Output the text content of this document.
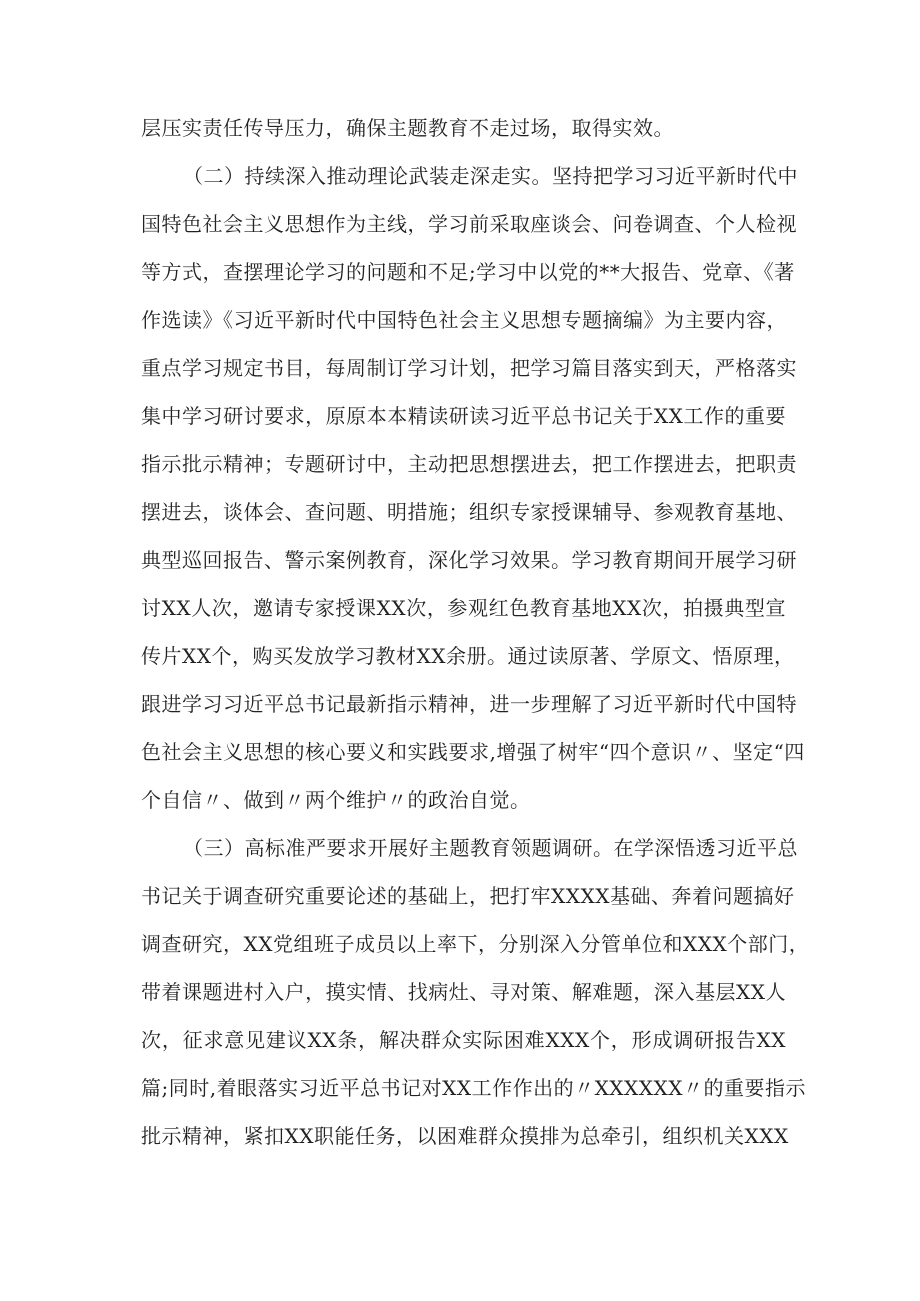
层压实责任传导压力，确保主题教育不走过场，取得实效。
（二）持续深入推动理论武装走深走实。坚持把学习习近平新时代中
国特色社会主义思想作为主线，学习前采取座谈会、问卷调查、个人检视
等方式，查摆理论学习的问题和不足;学习中以党的**大报告、党章、《著
作选读》《习近平新时代中国特色社会主义思想专题摘编》为主要内容，
重点学习规定书目，每周制订学习计划，把学习篇目落实到天，严格落实
集中学习研讨要求，原原本本精读研读习近平总书记关于XX工作的重要
指示批示精神；专题研讨中，主动把思想摆进去，把工作摆进去，把职责
摆进去，谈体会、查问题、明措施；组织专家授课辅导、参观教育基地、
典型巡回报告、警示案例教育，深化学习效果。学习教育期间开展学习研
讨XX人次，邀请专家授课XX次，参观红色教育基地XX次，拍摄典型宣
传片XX个，购买发放学习教材XX余册。通过读原著、学原文、悟原理，
跟进学习习近平总书记最新指示精神，进一步理解了习近平新时代中国特
色社会主义思想的核心要义和实践要求,增强了树牢“四个意识〃、坚定“四
个自信〃、做到〃两个维护〃的政治自觉。
（三）高标准严要求开展好主题教育领题调研。在学深悟透习近平总
书记关于调查研究重要论述的基础上，把打牢XXXX基础、奔着问题搞好
调查研究，XX党组班子成员以上率下，分别深入分管单位和XXX个部门，
带着课题进村入户，摸实情、找病灶、寻对策、解难题，深入基层XX人
次，征求意见建议XX条，解决群众实际困难XXX个，形成调研报告XX
篇;同时,着眼落实习近平总书记对XX工作作出的〃XXXXXX〃的重要指示
批示精神，紧扣XX职能任务，以困难群众摸排为总牵引，组织机关XXX
